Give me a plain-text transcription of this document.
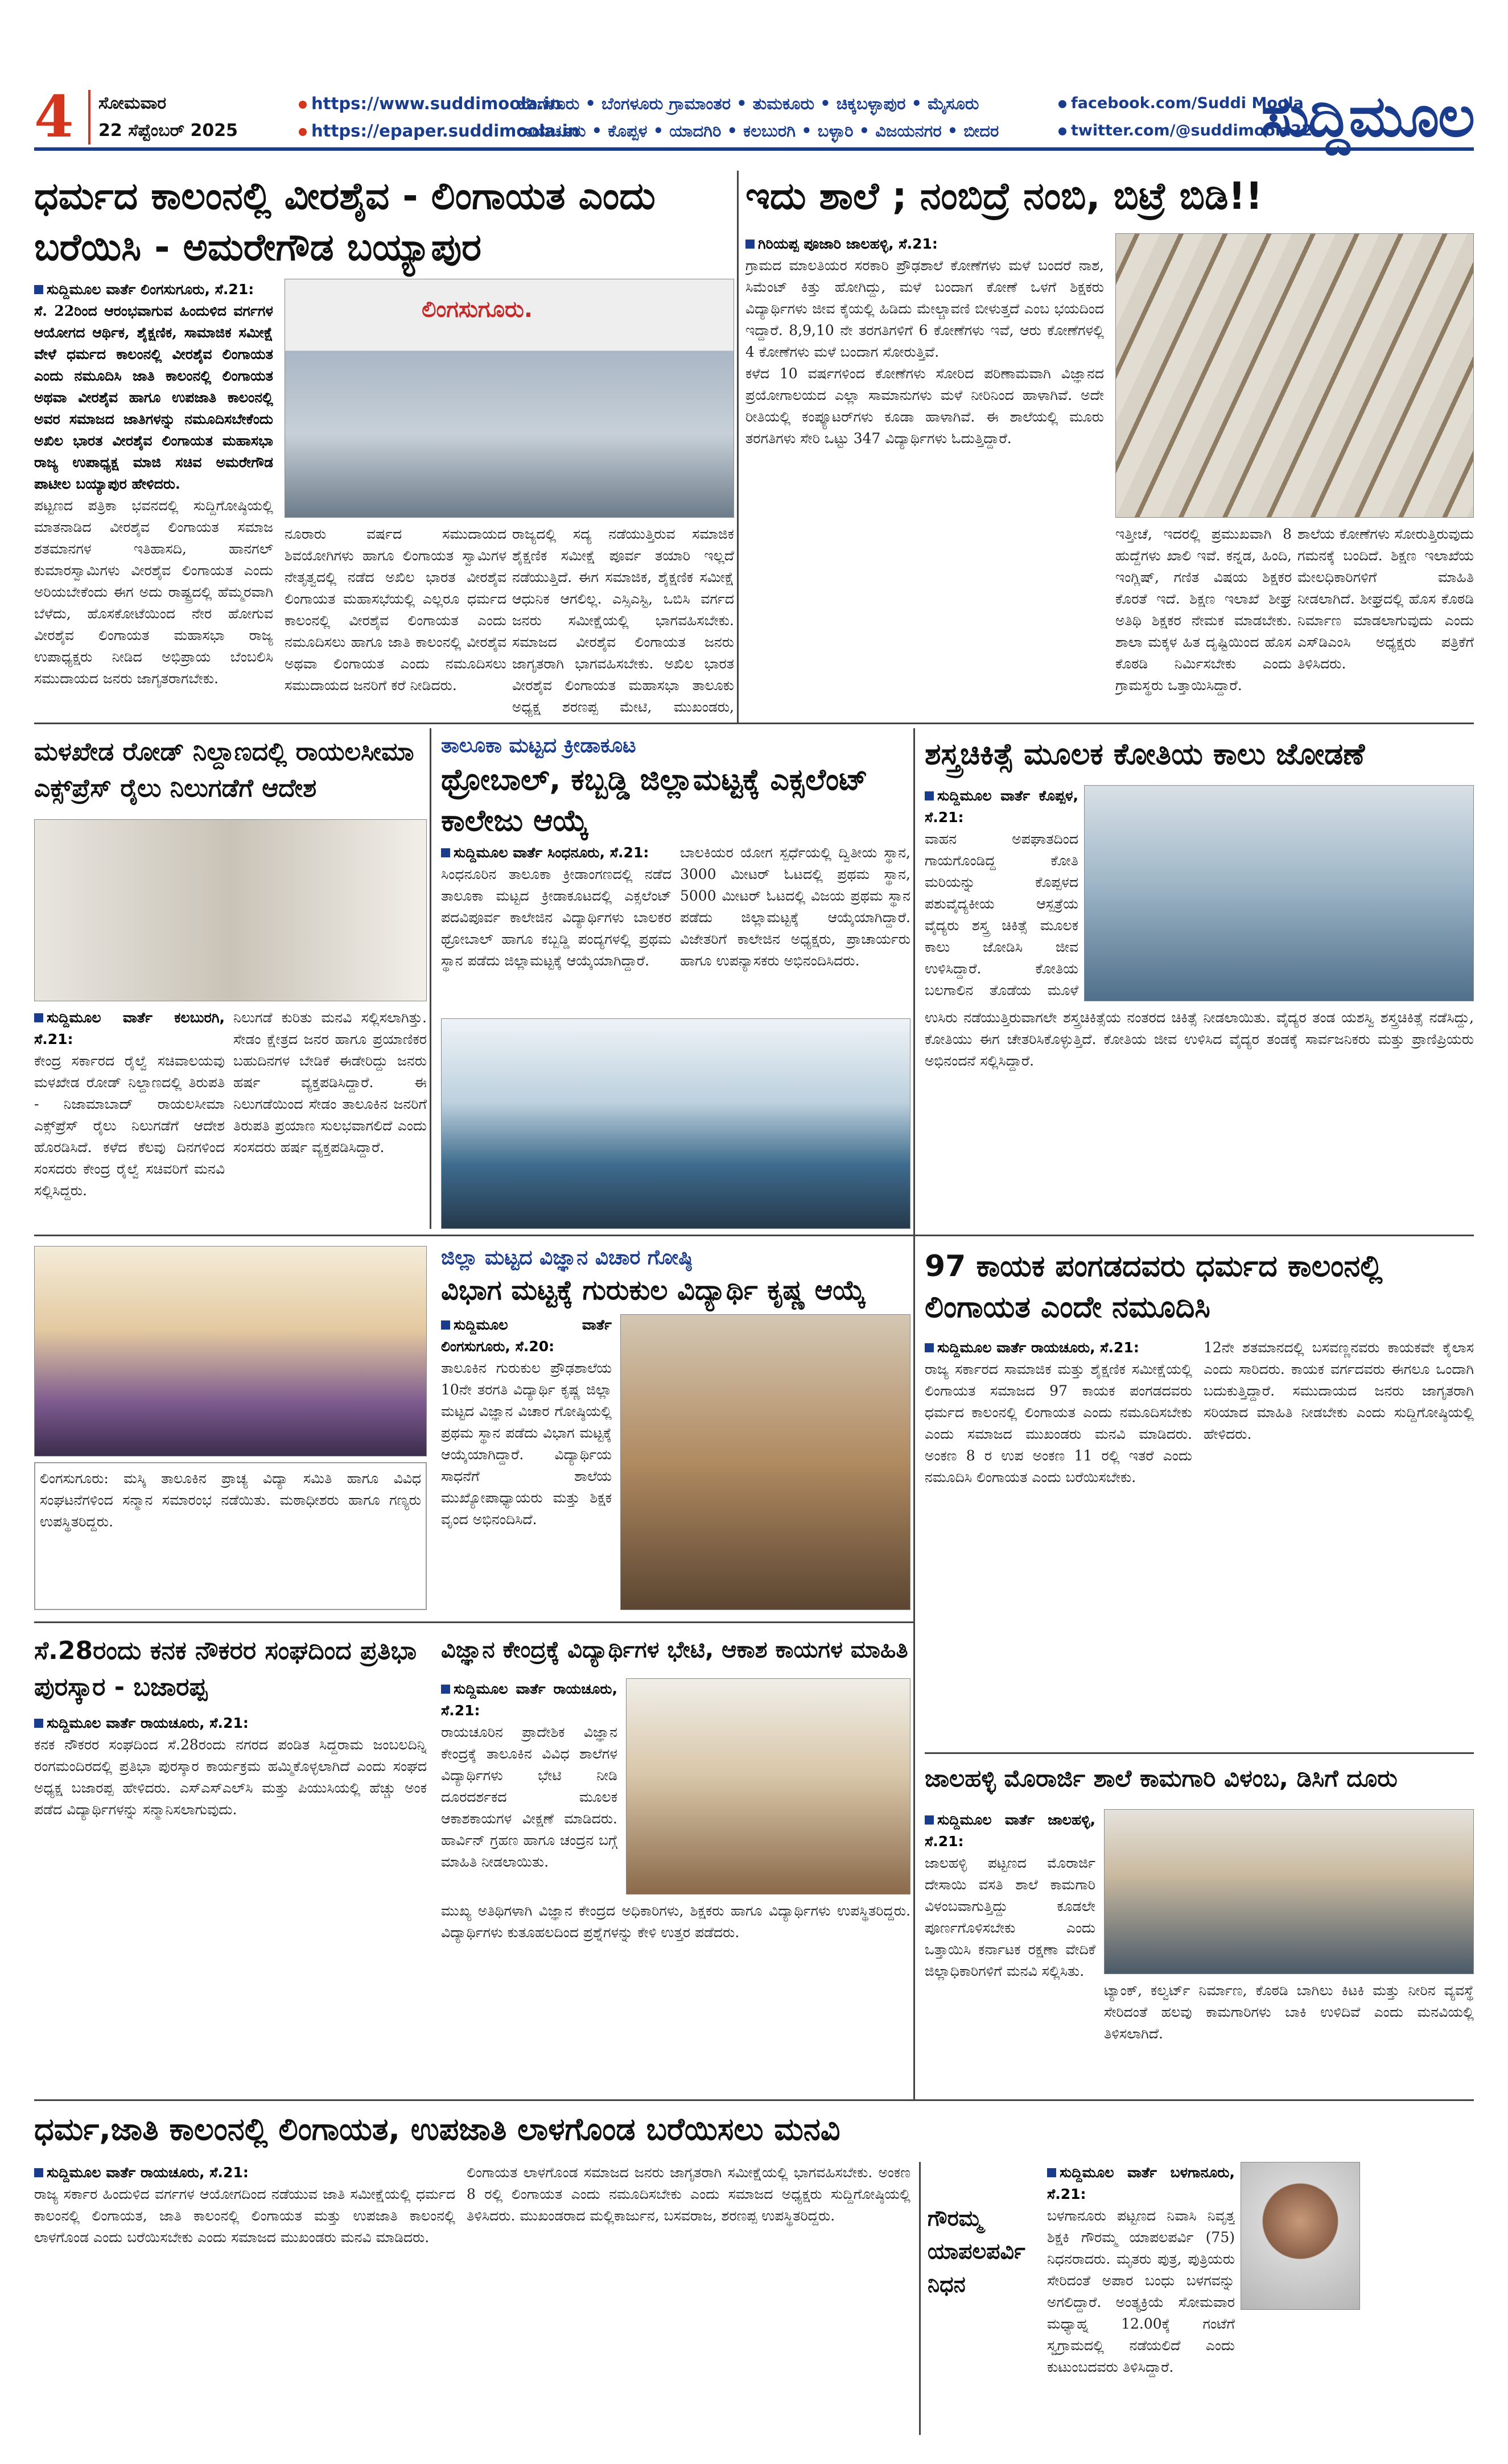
4	ಸೋಮವಾರ
22 ಸೆಪ್ಟೆಂಬರ್ 2025
https://www.suddimoola.in
https://epaper.suddimoola.in
ಬೆಂಗಳೂರು • ಬೆಂಗಳೂರು ಗ್ರಾಮಾಂತರ • ತುಮಕೂರು • ಚಿಕ್ಕಬಳ್ಳಾಪುರ • ಮೈಸೂರು
ರಾಯಚೂರು • ಕೊಪ್ಪಳ • ಯಾದಗಿರಿ • ಕಲಬುರಗಿ • ಬಳ್ಳಾರಿ • ವಿಜಯನಗರ • ಬೀದರ
facebook.com/Suddi Moola
twitter.com/@suddimoola22
ಸುದ್ದಿಮೂಲ
ಧರ್ಮದ ಕಾಲಂನಲ್ಲಿ ವೀರಶೈವ - ಲಿಂಗಾಯತ ಎಂದು ಬರೆಯಿಸಿ - ಅಮರೇಗೌಡ ಬಯ್ಯಾಪುರ
ಸುದ್ದಿಮೂಲ ವಾರ್ತೆ ಲಿಂಗಸುಗೂರು, ಸೆ.21:
ಸೆ. 22ರಿಂದ ಆರಂಭವಾಗುವ ಹಿಂದುಳಿದ ವರ್ಗಗಳ ಆಯೋಗದ ಆರ್ಥಿಕ, ಶೈಕ್ಷಣಿಕ, ಸಾಮಾಜಿಕ ಸಮೀಕ್ಷೆ ವೇಳೆ ಧರ್ಮದ ಕಾಲಂನಲ್ಲಿ ವೀರಶೈವ ಲಿಂಗಾಯತ ಎಂದು ನಮೂದಿಸಿ ಜಾತಿ ಕಾಲಂನಲ್ಲಿ ಲಿಂಗಾಯತ ಅಥವಾ ವೀರಶೈವ ಹಾಗೂ ಉಪಜಾತಿ ಕಾಲಂನಲ್ಲಿ ಅವರ ಸಮಾಜದ ಜಾತಿಗಳನ್ನು ನಮೂದಿಸಬೇಕೆಂದು ಅಖಿಲ ಭಾರತ ವೀರಶೈವ ಲಿಂಗಾಯತ ಮಹಾಸಭಾ ರಾಜ್ಯ ಉಪಾಧ್ಯಕ್ಷ ಮಾಜಿ ಸಚಿವ ಅಮರೇಗೌಡ ಪಾಟೀಲ ಬಯ್ಯಾಪುರ ಹೇಳಿದರು.
ಪಟ್ಟಣದ ಪತ್ರಿಕಾ ಭವನದಲ್ಲಿ ಸುದ್ದಿಗೋಷ್ಠಿಯಲ್ಲಿ ಮಾತನಾಡಿದ ವೀರಶೈವ ಲಿಂಗಾಯತ ಸಮಾಜ ಶತಮಾನಗಳ ಇತಿಹಾಸದಿ, ಹಾನಗಲ್ ಕುಮಾರಸ್ವಾಮಿಗಳು ವೀರಶೈವ ಲಿಂಗಾಯತ ಎಂದು ಅರಿಯಬೇಕೆಂದು ಈಗ ಅದು ರಾಷ್ಟ್ರದಲ್ಲಿ ಹೆಮ್ಮರವಾಗಿ ಬೆಳೆದು, ಹೊಸಕೋಟೆಯಿಂದ ನೇರ ಹೋಗುವ ವೀರಶೈವ ಲಿಂಗಾಯತ ಮಹಾಸಭಾ ರಾಜ್ಯ ಉಪಾಧ್ಯಕ್ಷರು ನೀಡಿದ ಅಭಿಪ್ರಾಯ ಬೆಂಬಲಿಸಿ ಸಮುದಾಯದ ಜನರು ಜಾಗೃತರಾಗಬೇಕು.
ಲಿಂಗಸುಗೂರು.
ನೂರಾರು ವರ್ಷದ ಸಮುದಾಯದ ಶಿವಯೋಗಿಗಳು ಹಾಗೂ ಲಿಂಗಾಯತ ಸ್ವಾಮಿಗಳ ನೇತೃತ್ವದಲ್ಲಿ ನಡೆದ ಅಖಿಲ ಭಾರತ ವೀರಶೈವ ಲಿಂಗಾಯತ ಮಹಾಸಭೆಯಲ್ಲಿ ಎಲ್ಲರೂ ಧರ್ಮದ ಕಾಲಂನಲ್ಲಿ ವೀರಶೈವ ಲಿಂಗಾಯತ ಎಂದು ನಮೂದಿಸಲು ಹಾಗೂ ಜಾತಿ ಕಾಲಂನಲ್ಲಿ ವೀರಶೈವ ಅಥವಾ ಲಿಂಗಾಯತ ಎಂದು ನಮೂದಿಸಲು ಸಮುದಾಯದ ಜನರಿಗೆ ಕರೆ ನೀಡಿದರು.
ರಾಜ್ಯದಲ್ಲಿ ಸದ್ಯ ನಡೆಯುತ್ತಿರುವ ಸಮಾಜಿಕ ಶೈಕ್ಷಣಿಕ ಸಮೀಕ್ಷೆ ಪೂರ್ವ ತಯಾರಿ ಇಲ್ಲದೆ ನಡೆಯುತ್ತಿದೆ. ಈಗ ಸಮಾಜಿಕ, ಶೈಕ್ಷಣಿಕ ಸಮೀಕ್ಷೆ ಆಧುನಿಕ ಆಗಲಿಲ್ಲ. ಎಸ್ಸಿಎಸ್ಟಿ, ಒಬಿಸಿ ವರ್ಗದ ಜನರು ಸಮೀಕ್ಷೆಯಲ್ಲಿ ಭಾಗವಹಿಸಬೇಕು. ಸಮಾಜದ ವೀರಶೈವ ಲಿಂಗಾಯತ ಜನರು ಜಾಗೃತರಾಗಿ ಭಾಗವಹಿಸಬೇಕು. ಅಖಿಲ ಭಾರತ ವೀರಶೈವ ಲಿಂಗಾಯತ ಮಹಾಸಭಾ ತಾಲೂಕು ಅಧ್ಯಕ್ಷ ಶರಣಪ್ಪ ಮೇಟಿ, ಮುಖಂಡರು,
ಇದು ಶಾಲೆ ; ನಂಬಿದ್ರೆ ನಂಬಿ, ಬಿಟ್ರೆ ಬಿಡಿ!!
ಗಿರಿಯಪ್ಪ ಪೂಜಾರಿ ಜಾಲಹಳ್ಳಿ, ಸೆ.21:
ಗ್ರಾಮದ ಮಾಲತಿಯರ ಸರಕಾರಿ ಪ್ರೌಢಶಾಲೆ ಕೋಣೆಗಳು ಮಳೆ ಬಂದರೆ ನಾಶ, ಸಿಮೆಂಟ್ ಕಿತ್ತು ಹೋಗಿದ್ದು, ಮಳೆ ಬಂದಾಗ ಕೋಣೆ ಒಳಗೆ ಶಿಕ್ಷಕರು ವಿದ್ಯಾರ್ಥಿಗಳು ಜೀವ ಕೈಯಲ್ಲಿ ಹಿಡಿದು ಮೇಲ್ಚಾವಣಿ ಬೀಳುತ್ತದೆ ಎಂಬ ಭಯದಿಂದ ಇದ್ದಾರೆ. 8,9,10 ನೇ ತರಗತಿಗಳಿಗೆ 6 ಕೋಣೆಗಳು ಇವೆ, ಆರು ಕೋಣೆಗಳಲ್ಲಿ 4 ಕೋಣೆಗಳು ಮಳೆ ಬಂದಾಗ ಸೋರುತ್ತಿವೆ.
ಕಳೆದ 10 ವರ್ಷಗಳಿಂದ ಕೋಣೆಗಳು ಸೋರಿದ ಪರಿಣಾಮವಾಗಿ ವಿಜ್ಞಾನದ ಪ್ರಯೋಗಾಲಯದ ಎಲ್ಲಾ ಸಾಮಾನುಗಳು ಮಳೆ ನೀರಿನಿಂದ ಹಾಳಾಗಿವೆ. ಅದೇ ರೀತಿಯಲ್ಲಿ ಕಂಪ್ಯೂಟರ್‌ಗಳು ಕೂಡಾ ಹಾಳಾಗಿವೆ. ಈ ಶಾಲೆಯಲ್ಲಿ ಮೂರು ತರಗತಿಗಳು ಸೇರಿ ಒಟ್ಟು 347 ವಿದ್ಯಾರ್ಥಿಗಳು ಓದುತ್ತಿದ್ದಾರೆ.
ಇತ್ತೀಚೆ, ಇದರಲ್ಲಿ ಪ್ರಮುಖವಾಗಿ 8 ಹುದ್ದೆಗಳು ಖಾಲಿ ಇವೆ. ಕನ್ನಡ, ಹಿಂದಿ, ಇಂಗ್ಲಿಷ್, ಗಣಿತ ವಿಷಯ ಶಿಕ್ಷಕರ ಕೊರತೆ ಇದೆ. ಶಿಕ್ಷಣ ಇಲಾಖೆ ಶೀಘ್ರ ಅತಿಥಿ ಶಿಕ್ಷಕರ ನೇಮಕ ಮಾಡಬೇಕು. ಶಾಲಾ ಮಕ್ಕಳ ಹಿತ ದೃಷ್ಟಿಯಿಂದ ಹೊಸ ಕೊಠಡಿ ನಿರ್ಮಿಸಬೇಕು ಎಂದು ಗ್ರಾಮಸ್ಥರು ಒತ್ತಾಯಿಸಿದ್ದಾರೆ.
ಶಾಲೆಯ ಕೋಣೆಗಳು ಸೋರುತ್ತಿರುವುದು ಗಮನಕ್ಕೆ ಬಂದಿದೆ. ಶಿಕ್ಷಣ ಇಲಾಖೆಯ ಮೇಲಧಿಕಾರಿಗಳಿಗೆ ಮಾಹಿತಿ ನೀಡಲಾಗಿದೆ. ಶೀಘ್ರದಲ್ಲಿ ಹೊಸ ಕೊಠಡಿ ನಿರ್ಮಾಣ ಮಾಡಲಾಗುವುದು ಎಂದು ಎಸ್‌ಡಿಎಂಸಿ ಅಧ್ಯಕ್ಷರು ಪತ್ರಿಕೆಗೆ ತಿಳಿಸಿದರು.
ಮಳಖೇಡ ರೋಡ್ ನಿಲ್ದಾಣದಲ್ಲಿ ರಾಯಲಸೀಮಾ ಎಕ್ಸ್‌ಪ್ರೆಸ್ ರೈಲು ನಿಲುಗಡೆಗೆ ಆದೇಶ
ಸುದ್ದಿಮೂಲ ವಾರ್ತೆ ಕಲಬುರಗಿ, ಸೆ.21:
ಕೇಂದ್ರ ಸರ್ಕಾರದ ರೈಲ್ವೆ ಸಚಿವಾಲಯವು ಮಳಖೇಡ ರೋಡ್ ನಿಲ್ದಾಣದಲ್ಲಿ ತಿರುಪತಿ - ನಿಜಾಮಾಬಾದ್ ರಾಯಲಸೀಮಾ ಎಕ್ಸ್‌ಪ್ರೆಸ್ ರೈಲು ನಿಲುಗಡೆಗೆ ಆದೇಶ ಹೊರಡಿಸಿದೆ. ಕಳೆದ ಕೆಲವು ದಿನಗಳಿಂದ ಸಂಸದರು ಕೇಂದ್ರ ರೈಲ್ವೆ ಸಚಿವರಿಗೆ ಮನವಿ ಸಲ್ಲಿಸಿದ್ದರು.
ನಿಲುಗಡೆ ಕುರಿತು ಮನವಿ ಸಲ್ಲಿಸಲಾಗಿತ್ತು. ಸೇಡಂ ಕ್ಷೇತ್ರದ ಜನರ ಹಾಗೂ ಪ್ರಯಾಣಿಕರ ಬಹುದಿನಗಳ ಬೇಡಿಕೆ ಈಡೇರಿದ್ದು ಜನರು ಹರ್ಷ ವ್ಯಕ್ತಪಡಿಸಿದ್ದಾರೆ. ಈ ನಿಲುಗಡೆಯಿಂದ ಸೇಡಂ ತಾಲೂಕಿನ ಜನರಿಗೆ ತಿರುಪತಿ ಪ್ರಯಾಣ ಸುಲಭವಾಗಲಿದೆ ಎಂದು ಸಂಸದರು ಹರ್ಷ ವ್ಯಕ್ತಪಡಿಸಿದ್ದಾರೆ.
ತಾಲೂಕಾ ಮಟ್ಟದ ಕ್ರೀಡಾಕೂಟ
ಥ್ರೋಬಾಲ್, ಕಬ್ಬಡ್ಡಿ ಜಿಲ್ಲಾಮಟ್ಟಕ್ಕೆ ಎಕ್ಸಲೆಂಟ್ ಕಾಲೇಜು ಆಯ್ಕೆ
ಸುದ್ದಿಮೂಲ ವಾರ್ತೆ ಸಿಂಧನೂರು, ಸೆ.21:
ಸಿಂಧನೂರಿನ ತಾಲೂಕಾ ಕ್ರೀಡಾಂಗಣದಲ್ಲಿ ನಡೆದ ತಾಲೂಕಾ ಮಟ್ಟದ ಕ್ರೀಡಾಕೂಟದಲ್ಲಿ ಎಕ್ಸಲೆಂಟ್ ಪದವಿಪೂರ್ವ ಕಾಲೇಜಿನ ವಿದ್ಯಾರ್ಥಿಗಳು ಬಾಲಕರ ಥ್ರೋಬಾಲ್ ಹಾಗೂ ಕಬ್ಬಡ್ಡಿ ಪಂದ್ಯಗಳಲ್ಲಿ ಪ್ರಥಮ ಸ್ಥಾನ ಪಡೆದು ಜಿಲ್ಲಾಮಟ್ಟಕ್ಕೆ ಆಯ್ಕೆಯಾಗಿದ್ದಾರೆ.
ಬಾಲಕಿಯರ ಯೋಗ ಸ್ಪರ್ಧೆಯಲ್ಲಿ ದ್ವಿತೀಯ ಸ್ಥಾನ, 3000 ಮೀಟರ್ ಓಟದಲ್ಲಿ ಪ್ರಥಮ ಸ್ಥಾನ, 5000 ಮೀಟರ್ ಓಟದಲ್ಲಿ ವಿಜಯ ಪ್ರಥಮ ಸ್ಥಾನ ಪಡೆದು ಜಿಲ್ಲಾಮಟ್ಟಕ್ಕೆ ಆಯ್ಕೆಯಾಗಿದ್ದಾರೆ. ವಿಜೇತರಿಗೆ ಕಾಲೇಜಿನ ಅಧ್ಯಕ್ಷರು, ಪ್ರಾಚಾರ್ಯರು ಹಾಗೂ ಉಪನ್ಯಾಸಕರು ಅಭಿನಂದಿಸಿದರು.
ಶಸ್ತ್ರಚಿಕಿತ್ಸೆ ಮೂಲಕ ಕೋತಿಯ ಕಾಲು ಜೋಡಣೆ
ಸುದ್ದಿಮೂಲ ವಾರ್ತೆ ಕೊಪ್ಪಳ, ಸೆ.21:
ವಾಹನ ಅಪಘಾತದಿಂದ ಗಾಯಗೊಂಡಿದ್ದ ಕೋತಿ ಮರಿಯನ್ನು ಕೊಪ್ಪಳದ ಪಶುವೈದ್ಯಕೀಯ ಆಸ್ಪತ್ರೆಯ ವೈದ್ಯರು ಶಸ್ತ್ರ ಚಿಕಿತ್ಸೆ ಮೂಲಕ ಕಾಲು ಜೋಡಿಸಿ ಜೀವ ಉಳಿಸಿದ್ದಾರೆ. ಕೋತಿಯ ಬಲಗಾಲಿನ ತೊಡೆಯ ಮೂಳೆ
ಉಸಿರು ನಡೆಯುತ್ತಿರುವಾಗಲೇ ಶಸ್ತ್ರಚಿಕಿತ್ಸೆಯ ನಂತರದ ಚಿಕಿತ್ಸೆ ನೀಡಲಾಯಿತು. ವೈದ್ಯರ ತಂಡ ಯಶಸ್ವಿ ಶಸ್ತ್ರಚಿಕಿತ್ಸೆ ನಡೆಸಿದ್ದು, ಕೋತಿಯು ಈಗ ಚೇತರಿಸಿಕೊಳ್ಳುತ್ತಿದೆ. ಕೋತಿಯ ಜೀವ ಉಳಿಸಿದ ವೈದ್ಯರ ತಂಡಕ್ಕೆ ಸಾರ್ವಜನಿಕರು ಮತ್ತು ಪ್ರಾಣಿಪ್ರಿಯರು ಅಭಿನಂದನೆ ಸಲ್ಲಿಸಿದ್ದಾರೆ.
ಲಿಂಗಸುಗೂರು: ಮಸ್ಕಿ ತಾಲೂಕಿನ ಪ್ರಾಚ್ಯ ವಿದ್ಯಾ ಸಮಿತಿ ಹಾಗೂ ವಿವಿಧ ಸಂಘಟನೆಗಳಿಂದ ಸನ್ಮಾನ ಸಮಾರಂಭ ನಡೆಯಿತು. ಮಠಾಧೀಶರು ಹಾಗೂ ಗಣ್ಯರು ಉಪಸ್ಥಿತರಿದ್ದರು.
ಜಿಲ್ಲಾ ಮಟ್ಟದ ವಿಜ್ಞಾನ ವಿಚಾರ ಗೋಷ್ಠಿ
ವಿಭಾಗ ಮಟ್ಟಕ್ಕೆ ಗುರುಕುಲ ವಿದ್ಯಾರ್ಥಿ ಕೃಷ್ಣ ಆಯ್ಕೆ
ಸುದ್ದಿಮೂಲ ವಾರ್ತೆ ಲಿಂಗಸುಗೂರು, ಸೆ.20:
ತಾಲೂಕಿನ ಗುರುಕುಲ ಪ್ರೌಢಶಾಲೆಯ 10ನೇ ತರಗತಿ ವಿದ್ಯಾರ್ಥಿ ಕೃಷ್ಣ ಜಿಲ್ಲಾ ಮಟ್ಟದ ವಿಜ್ಞಾನ ವಿಚಾರ ಗೋಷ್ಠಿಯಲ್ಲಿ ಪ್ರಥಮ ಸ್ಥಾನ ಪಡೆದು ವಿಭಾಗ ಮಟ್ಟಕ್ಕೆ ಆಯ್ಕೆಯಾಗಿದ್ದಾರೆ. ವಿದ್ಯಾರ್ಥಿಯ ಸಾಧನೆಗೆ ಶಾಲೆಯ ಮುಖ್ಯೋಪಾಧ್ಯಾಯರು ಮತ್ತು ಶಿಕ್ಷಕ ವೃಂದ ಅಭಿನಂದಿಸಿದೆ.
97 ಕಾಯಕ ಪಂಗಡದವರು ಧರ್ಮದ ಕಾಲಂನಲ್ಲಿ ಲಿಂಗಾಯತ ಎಂದೇ ನಮೂದಿಸಿ
ಸುದ್ದಿಮೂಲ ವಾರ್ತೆ ರಾಯಚೂರು, ಸೆ.21:
ರಾಜ್ಯ ಸರ್ಕಾರದ ಸಾಮಾಜಿಕ ಮತ್ತು ಶೈಕ್ಷಣಿಕ ಸಮೀಕ್ಷೆಯಲ್ಲಿ ಲಿಂಗಾಯತ ಸಮಾಜದ 97 ಕಾಯಕ ಪಂಗಡದವರು ಧರ್ಮದ ಕಾಲಂನಲ್ಲಿ ಲಿಂಗಾಯತ ಎಂದು ನಮೂದಿಸಬೇಕು ಎಂದು ಸಮಾಜದ ಮುಖಂಡರು ಮನವಿ ಮಾಡಿದರು. ಅಂಕಣ 8 ರ ಉಪ ಅಂಕಣ 11 ರಲ್ಲಿ ಇತರೆ ಎಂದು ನಮೂದಿಸಿ ಲಿಂಗಾಯತ ಎಂದು ಬರೆಯಿಸಬೇಕು.
12ನೇ ಶತಮಾನದಲ್ಲಿ ಬಸವಣ್ಣನವರು ಕಾಯಕವೇ ಕೈಲಾಸ ಎಂದು ಸಾರಿದರು. ಕಾಯಕ ವರ್ಗದವರು ಈಗಲೂ ಒಂದಾಗಿ ಬದುಕುತ್ತಿದ್ದಾರೆ. ಸಮುದಾಯದ ಜನರು ಜಾಗೃತರಾಗಿ ಸರಿಯಾದ ಮಾಹಿತಿ ನೀಡಬೇಕು ಎಂದು ಸುದ್ದಿಗೋಷ್ಠಿಯಲ್ಲಿ ಹೇಳಿದರು.
ಸೆ.28ರಂದು ಕನಕ ನೌಕರರ ಸಂಘದಿಂದ ಪ್ರತಿಭಾ ಪುರಸ್ಕಾರ - ಬಜಾರಪ್ಪ
ಸುದ್ದಿಮೂಲ ವಾರ್ತೆ ರಾಯಚೂರು, ಸೆ.21:
ಕನಕ ನೌಕರರ ಸಂಘದಿಂದ ಸೆ.28ರಂದು ನಗರದ ಪಂಡಿತ ಸಿದ್ದರಾಮ ಜಂಬಲದಿನ್ನಿ ರಂಗಮಂದಿರದಲ್ಲಿ ಪ್ರತಿಭಾ ಪುರಸ್ಕಾರ ಕಾರ್ಯಕ್ರಮ ಹಮ್ಮಿಕೊಳ್ಳಲಾಗಿದೆ ಎಂದು ಸಂಘದ ಅಧ್ಯಕ್ಷ ಬಜಾರಪ್ಪ ಹೇಳಿದರು. ಎಸ್ಎಸ್ಎಲ್‌ಸಿ ಮತ್ತು ಪಿಯುಸಿಯಲ್ಲಿ ಹೆಚ್ಚು ಅಂಕ ಪಡೆದ ವಿದ್ಯಾರ್ಥಿಗಳನ್ನು ಸನ್ಮಾನಿಸಲಾಗುವುದು.
ವಿಜ್ಞಾನ ಕೇಂದ್ರಕ್ಕೆ ವಿದ್ಯಾರ್ಥಿಗಳ ಭೇಟಿ, ಆಕಾಶ ಕಾಯಗಳ ಮಾಹಿತಿ
ಸುದ್ದಿಮೂಲ ವಾರ್ತೆ ರಾಯಚೂರು, ಸೆ.21:
ರಾಯಚೂರಿನ ಪ್ರಾದೇಶಿಕ ವಿಜ್ಞಾನ ಕೇಂದ್ರಕ್ಕೆ ತಾಲೂಕಿನ ವಿವಿಧ ಶಾಲೆಗಳ ವಿದ್ಯಾರ್ಥಿಗಳು ಭೇಟಿ ನೀಡಿ ದೂರದರ್ಶಕದ ಮೂಲಕ ಆಕಾಶಕಾಯಗಳ ವೀಕ್ಷಣೆ ಮಾಡಿದರು. ಹಾರ್ವಿನ್ ಗ್ರಹಣ ಹಾಗೂ ಚಂದ್ರನ ಬಗ್ಗೆ ಮಾಹಿತಿ ನೀಡಲಾಯಿತು.
ಮುಖ್ಯ ಅತಿಥಿಗಳಾಗಿ ವಿಜ್ಞಾನ ಕೇಂದ್ರದ ಅಧಿಕಾರಿಗಳು, ಶಿಕ್ಷಕರು ಹಾಗೂ ವಿದ್ಯಾರ್ಥಿಗಳು ಉಪಸ್ಥಿತರಿದ್ದರು. ವಿದ್ಯಾರ್ಥಿಗಳು ಕುತೂಹಲದಿಂದ ಪ್ರಶ್ನೆಗಳನ್ನು ಕೇಳಿ ಉತ್ತರ ಪಡೆದರು.
ಜಾಲಹಳ್ಳಿ ಮೊರಾರ್ಜಿ ಶಾಲೆ ಕಾಮಗಾರಿ ವಿಳಂಬ, ಡಿಸಿಗೆ ದೂರು
ಸುದ್ದಿಮೂಲ ವಾರ್ತೆ ಜಾಲಹಳ್ಳಿ, ಸೆ.21:
ಜಾಲಹಳ್ಳಿ ಪಟ್ಟಣದ ಮೊರಾರ್ಜಿ ದೇಸಾಯಿ ವಸತಿ ಶಾಲೆ ಕಾಮಗಾರಿ ವಿಳಂಬವಾಗುತ್ತಿದ್ದು ಕೂಡಲೇ ಪೂರ್ಣಗೊಳಿಸಬೇಕು ಎಂದು ಒತ್ತಾಯಿಸಿ ಕರ್ನಾಟಕ ರಕ್ಷಣಾ ವೇದಿಕೆ ಜಿಲ್ಲಾಧಿಕಾರಿಗಳಿಗೆ ಮನವಿ ಸಲ್ಲಿಸಿತು.
ಟ್ಯಾಂಕ್, ಕಲ್ವರ್ಟ್ ನಿರ್ಮಾಣ, ಕೊಠಡಿ ಬಾಗಿಲು ಕಿಟಕಿ ಮತ್ತು ನೀರಿನ ವ್ಯವಸ್ಥೆ ಸೇರಿದಂತೆ ಹಲವು ಕಾಮಗಾರಿಗಳು ಬಾಕಿ ಉಳಿದಿವೆ ಎಂದು ಮನವಿಯಲ್ಲಿ ತಿಳಿಸಲಾಗಿದೆ.
ಧರ್ಮ,ಜಾತಿ ಕಾಲಂನಲ್ಲಿ ಲಿಂಗಾಯತ, ಉಪಜಾತಿ ಲಾಳಗೊಂಡ ಬರೆಯಿಸಲು ಮನವಿ
ಸುದ್ದಿಮೂಲ ವಾರ್ತೆ ರಾಯಚೂರು, ಸೆ.21:
ರಾಜ್ಯ ಸರ್ಕಾರ ಹಿಂದುಳಿದ ವರ್ಗಗಳ ಆಯೋಗದಿಂದ ನಡೆಯುವ ಜಾತಿ ಸಮೀಕ್ಷೆಯಲ್ಲಿ ಧರ್ಮದ ಕಾಲಂನಲ್ಲಿ ಲಿಂಗಾಯತ, ಜಾತಿ ಕಾಲಂನಲ್ಲಿ ಲಿಂಗಾಯತ ಮತ್ತು ಉಪಜಾತಿ ಕಾಲಂನಲ್ಲಿ ಲಾಳಗೊಂಡ ಎಂದು ಬರೆಯಿಸಬೇಕು ಎಂದು ಸಮಾಜದ ಮುಖಂಡರು ಮನವಿ ಮಾಡಿದರು.
ಲಿಂಗಾಯತ ಲಾಳಗೊಂಡ ಸಮಾಜದ ಜನರು ಜಾಗೃತರಾಗಿ ಸಮೀಕ್ಷೆಯಲ್ಲಿ ಭಾಗವಹಿಸಬೇಕು. ಅಂಕಣ 8 ರಲ್ಲಿ ಲಿಂಗಾಯತ ಎಂದು ನಮೂದಿಸಬೇಕು ಎಂದು ಸಮಾಜದ ಅಧ್ಯಕ್ಷರು ಸುದ್ದಿಗೋಷ್ಠಿಯಲ್ಲಿ ತಿಳಿಸಿದರು. ಮುಖಂಡರಾದ ಮಲ್ಲಿಕಾರ್ಜುನ, ಬಸವರಾಜ, ಶರಣಪ್ಪ ಉಪಸ್ಥಿತರಿದ್ದರು.	ಗೌರಮ್ಮ ಯಾಪಲಪರ್ವಿ ನಿಧನ
ಸುದ್ದಿಮೂಲ ವಾರ್ತೆ ಬಳಗಾನೂರು, ಸೆ.21:
ಬಳಗಾನೂರು ಪಟ್ಟಣದ ನಿವಾಸಿ ನಿವೃತ್ತ ಶಿಕ್ಷಕಿ ಗೌರಮ್ಮ ಯಾಪಲಪರ್ವಿ (75) ನಿಧನರಾದರು. ಮೃತರು ಪುತ್ರ, ಪುತ್ರಿಯರು ಸೇರಿದಂತೆ ಅಪಾರ ಬಂಧು ಬಳಗವನ್ನು ಅಗಲಿದ್ದಾರೆ. ಅಂತ್ಯಕ್ರಿಯೆ ಸೋಮವಾರ ಮಧ್ಯಾಹ್ನ 12.00ಕ್ಕೆ ಗಂಟೆಗೆ ಸ್ವಗ್ರಾಮದಲ್ಲಿ ನಡೆಯಲಿದೆ ಎಂದು ಕುಟುಂಬದವರು ತಿಳಿಸಿದ್ದಾರೆ.
